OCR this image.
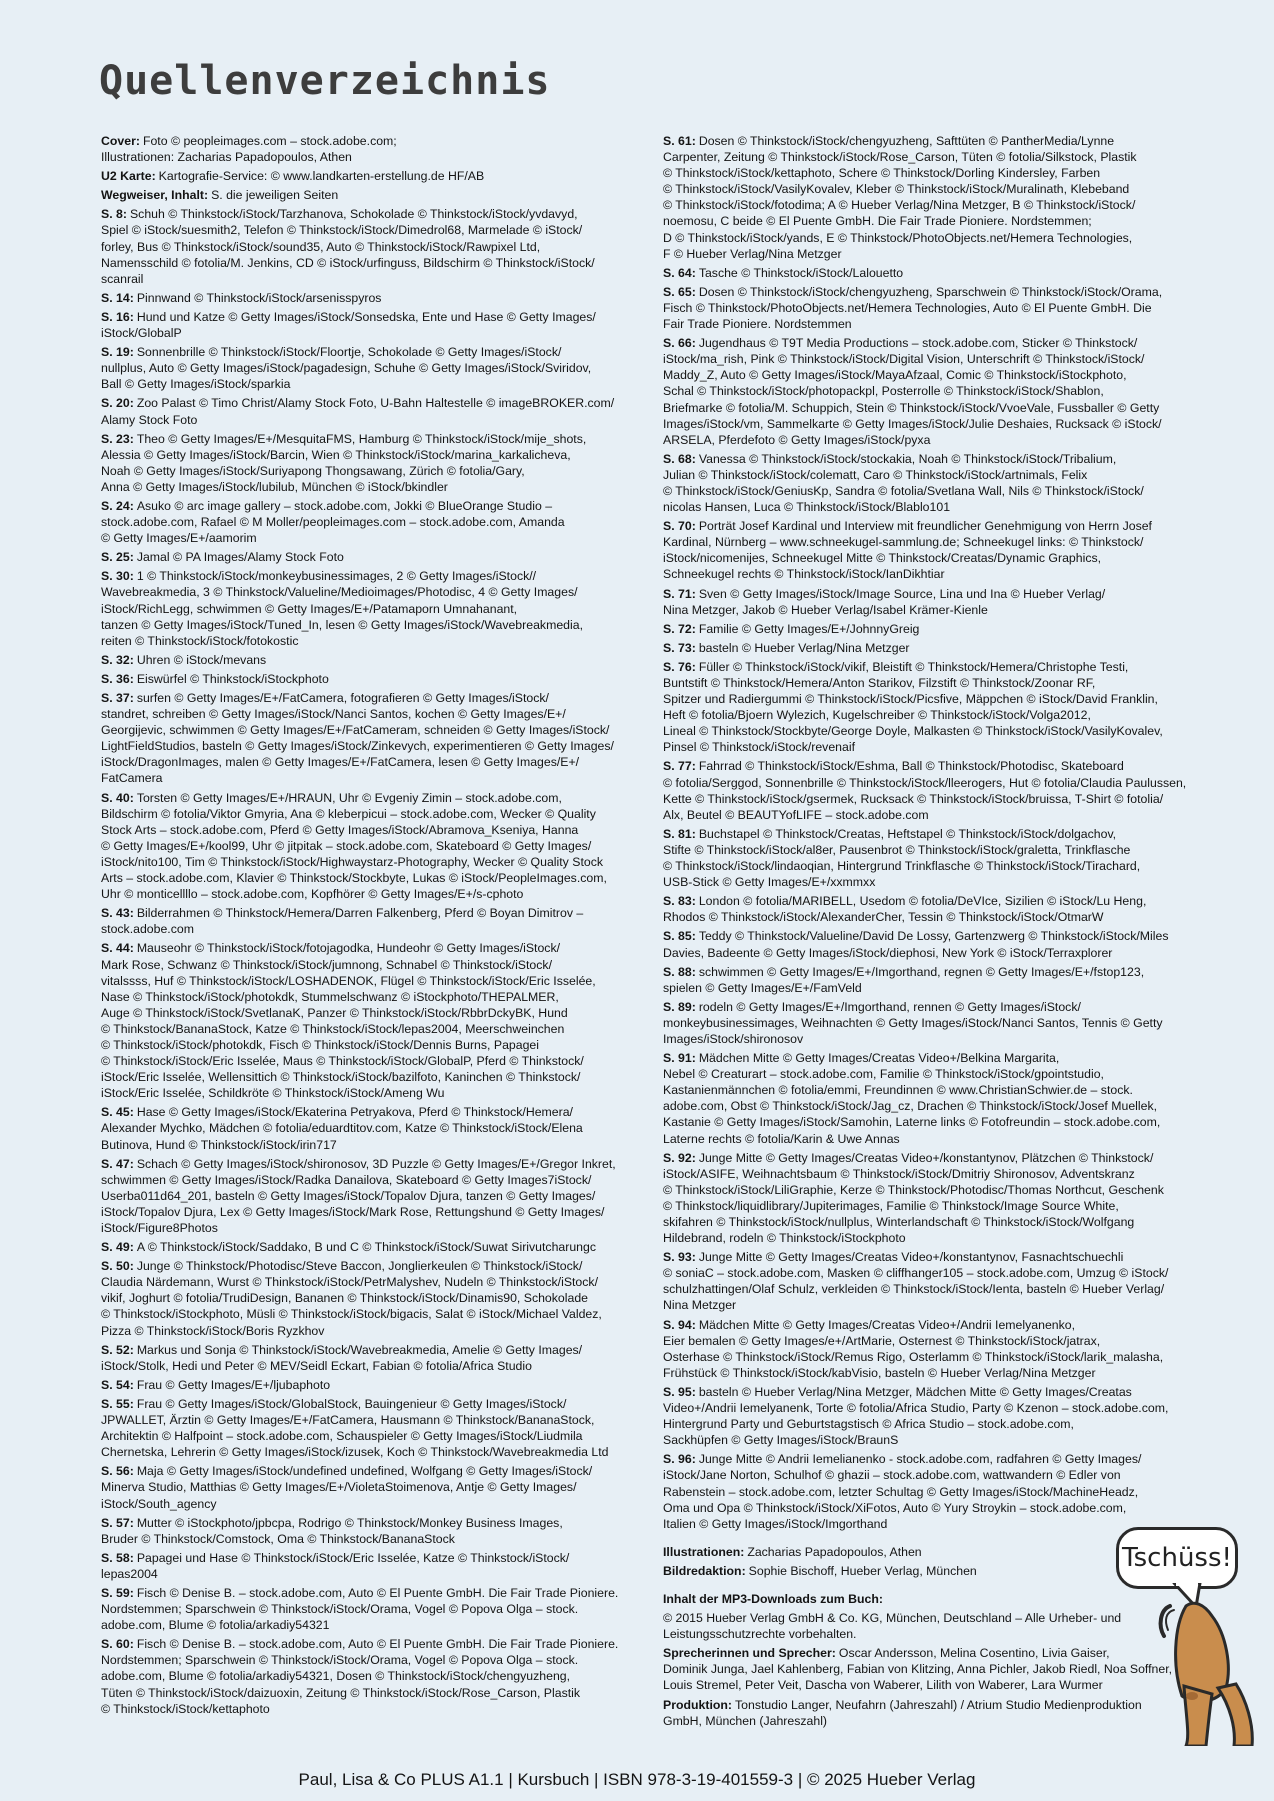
Quellenverzeichnis
Cover: Foto © peopleimages.com – stock.adobe.com;
Illustrationen: Zacharias Papadopoulos, Athen
U2 Karte: Kartografie-Service: © www.landkarten-erstellung.de HF/AB
Wegweiser, Inhalt: S. die jeweiligen Seiten
S. 8: Schuh © Thinkstock/iStock/Tarzhanova, Schokolade © Thinkstock/iStock/yvdavyd,
Spiel © iStock/suesmith2, Telefon © Thinkstock/iStock/Dimedrol68, Marmelade © iStock/
forley, Bus © Thinkstock/iStock/sound35, Auto © Thinkstock/iStock/Rawpixel Ltd,
Namensschild © fotolia/M. Jenkins, CD © iStock/urfinguss, Bildschirm © Thinkstock/iStock/
scanrail
S. 14: Pinnwand © Thinkstock/iStock/arsenisspyros
S. 16: Hund und Katze © Getty Images/iStock/Sonsedska, Ente und Hase © Getty Images/
iStock/GlobalP
S. 19: Sonnenbrille © Thinkstock/iStock/Floortje, Schokolade © Getty Images/iStock/
nullplus, Auto © Getty Images/iStock/pagadesign, Schuhe © Getty Images/iStock/Sviridov,
Ball © Getty Images/iStock/sparkia
S. 20: Zoo Palast © Timo Christ/Alamy Stock Foto, U-Bahn Haltestelle © imageBROKER.com/
Alamy Stock Foto
S. 23: Theo © Getty Images/E+/MesquitaFMS, Hamburg © Thinkstock/iStock/mije_shots,
Alessia © Getty Images/iStock/Barcin, Wien © Thinkstock/iStock/marina_karkalicheva,
Noah © Getty Images/iStock/Suriyapong Thongsawang, Zürich © fotolia/Gary,
Anna © Getty Images/iStock/lubilub, München © iStock/bkindler
S. 24: Asuko © arc image gallery – stock.adobe.com, Jokki © BlueOrange Studio –
stock.adobe.com, Rafael © M Moller/peopleimages.com – stock.adobe.com, Amanda
© Getty Images/E+/aamorim
S. 25: Jamal © PA Images/Alamy Stock Foto
S. 30: 1 © Thinkstock/iStock/monkeybusinessimages, 2 © Getty Images/iStock//
Wavebreakmedia, 3 © Thinkstock/Valueline/Medioimages/Photodisc, 4 © Getty Images/
iStock/RichLegg, schwimmen © Getty Images/E+/Patamaporn Umnahanant,
tanzen © Getty Images/iStock/Tuned_In, lesen © Getty Images/iStock/Wavebreakmedia,
reiten © Thinkstock/iStock/fotokostic
S. 32: Uhren © iStock/mevans
S. 36: Eiswürfel © Thinkstock/iStockphoto
S. 37: surfen © Getty Images/E+/FatCamera, fotografieren © Getty Images/iStock/
standret, schreiben © Getty Images/iStock/Nanci Santos, kochen © Getty Images/E+/
Georgijevic, schwimmen © Getty Images/E+/FatCameram, schneiden © Getty Images/iStock/
LightFieldStudios, basteln © Getty Images/iStock/Zinkevych, experimentieren © Getty Images/
iStock/DragonImages, malen © Getty Images/E+/FatCamera, lesen © Getty Images/E+/
FatCamera
S. 40: Torsten © Getty Images/E+/HRAUN, Uhr © Evgeniy Zimin – stock.adobe.com,
Bildschirm © fotolia/Viktor Gmyria, Ana © kleberpicui – stock.adobe.com, Wecker © Quality
Stock Arts – stock.adobe.com, Pferd © Getty Images/iStock/Abramova_Kseniya, Hanna
© Getty Images/E+/kool99, Uhr © jitpitak – stock.adobe.com, Skateboard © Getty Images/
iStock/nito100, Tim © Thinkstock/iStock/Highwaystarz-Photography, Wecker © Quality Stock
Arts – stock.adobe.com, Klavier © Thinkstock/Stockbyte, Lukas © iStock/PeopleImages.com,
Uhr © monticellllo – stock.adobe.com, Kopfhörer © Getty Images/E+/s-cphoto
S. 43: Bilderrahmen © Thinkstock/Hemera/Darren Falkenberg, Pferd © Boyan Dimitrov –
stock.adobe.com
S. 44: Mauseohr © Thinkstock/iStock/fotojagodka, Hundeohr © Getty Images/iStock/
Mark Rose, Schwanz © Thinkstock/iStock/jumnong, Schnabel © Thinkstock/iStock/
vitalssss, Huf © Thinkstock/iStock/LOSHADENOK, Flügel © Thinkstock/iStock/Eric Isselée,
Nase © Thinkstock/iStock/photokdk, Stummelschwanz © iStockphoto/THEPALMER,
Auge © Thinkstock/iStock/SvetlanaK, Panzer © Thinkstock/iStock/RbbrDckyBK, Hund
© Thinkstock/BananaStock, Katze © Thinkstock/iStock/lepas2004, Meerschweinchen
© Thinkstock/iStock/photokdk, Fisch © Thinkstock/iStock/Dennis Burns, Papagei
© Thinkstock/iStock/Eric Isselée, Maus © Thinkstock/iStock/GlobalP, Pferd © Thinkstock/
iStock/Eric Isselée, Wellensittich © Thinkstock/iStock/bazilfoto, Kaninchen © Thinkstock/
iStock/Eric Isselée, Schildkröte © Thinkstock/iStock/Ameng Wu
S. 45: Hase © Getty Images/iStock/Ekaterina Petryakova, Pferd © Thinkstock/Hemera/
Alexander Mychko, Mädchen © fotolia/eduardtitov.com, Katze © Thinkstock/iStock/Elena
Butinova, Hund © Thinkstock/iStock/irin717
S. 47: Schach © Getty Images/iStock/shironosov, 3D Puzzle © Getty Images/E+/Gregor Inkret,
schwimmen © Getty Images/iStock/Radka Danailova, Skateboard © Getty Images7iStock/
Userba011d64_201, basteln © Getty Images/iStock/Topalov Djura, tanzen © Getty Images/
iStock/Topalov Djura, Lex © Getty Images/iStock/Mark Rose, Rettungshund © Getty Images/
iStock/Figure8Photos
S. 49: A © Thinkstock/iStock/Saddako, B und C © Thinkstock/iStock/Suwat Sirivutcharungc
S. 50: Junge © Thinkstock/Photodisc/Steve Baccon, Jonglierkeulen © Thinkstock/iStock/
Claudia Närdemann, Wurst © Thinkstock/iStock/PetrMalyshev, Nudeln © Thinkstock/iStock/
vikif, Joghurt © fotolia/TrudiDesign, Bananen © Thinkstock/iStock/Dinamis90, Schokolade
© Thinkstock/iStockphoto, Müsli © Thinkstock/iStock/bigacis, Salat © iStock/Michael Valdez,
Pizza © Thinkstock/iStock/Boris Ryzkhov
S. 52: Markus und Sonja © Thinkstock/iStock/Wavebreakmedia, Amelie © Getty Images/
iStock/Stolk, Hedi und Peter © MEV/Seidl Eckart, Fabian © fotolia/Africa Studio
S. 54: Frau © Getty Images/E+/ljubaphoto
S. 55: Frau © Getty Images/iStock/GlobalStock, Bauingenieur © Getty Images/iStock/
JPWALLET, Ärztin © Getty Images/E+/FatCamera, Hausmann © Thinkstock/BananaStock,
Architektin © Halfpoint – stock.adobe.com, Schauspieler © Getty Images/iStock/Liudmila
Chernetska, Lehrerin © Getty Images/iStock/izusek, Koch © Thinkstock/Wavebreakmedia Ltd
S. 56: Maja © Getty Images/iStock/undefined undefined, Wolfgang © Getty Images/iStock/
Minerva Studio, Matthias © Getty Images/E+/VioletaStoimenova, Antje © Getty Images/
iStock/South_agency
S. 57: Mutter © iStockphoto/jpbcpa, Rodrigo © Thinkstock/Monkey Business Images,
Bruder © Thinkstock/Comstock, Oma © Thinkstock/BananaStock
S. 58: Papagei und Hase © Thinkstock/iStock/Eric Isselée, Katze © Thinkstock/iStock/
lepas2004
S. 59: Fisch © Denise B. – stock.adobe.com, Auto © El Puente GmbH. Die Fair Trade Pioniere.
Nordstemmen; Sparschwein © Thinkstock/iStock/Orama, Vogel © Popova Olga – stock.
adobe.com, Blume © fotolia/arkadiy54321
S. 60: Fisch © Denise B. – stock.adobe.com, Auto © El Puente GmbH. Die Fair Trade Pioniere.
Nordstemmen; Sparschwein © Thinkstock/iStock/Orama, Vogel © Popova Olga – stock.
adobe.com, Blume © fotolia/arkadiy54321, Dosen © Thinkstock/iStock/chengyuzheng,
Tüten © Thinkstock/iStock/daizuoxin, Zeitung © Thinkstock/iStock/Rose_Carson, Plastik
© Thinkstock/iStock/kettaphoto
S. 61: Dosen © Thinkstock/iStock/chengyuzheng, Safttüten © PantherMedia/Lynne
Carpenter, Zeitung © Thinkstock/iStock/Rose_Carson, Tüten © fotolia/Silkstock, Plastik
© Thinkstock/iStock/kettaphoto, Schere © Thinkstock/Dorling Kindersley, Farben
© Thinkstock/iStock/VasilyKovalev, Kleber © Thinkstock/iStock/Muralinath, Klebeband
© Thinkstock/iStock/fotodima; A © Hueber Verlag/Nina Metzger, B © Thinkstock/iStock/
noemosu, C beide © El Puente GmbH. Die Fair Trade Pioniere. Nordstemmen;
D © Thinkstock/iStock/yands, E © Thinkstock/PhotoObjects.net/Hemera Technologies,
F © Hueber Verlag/Nina Metzger
S. 64: Tasche © Thinkstock/iStock/Lalouetto
S. 65: Dosen © Thinkstock/iStock/chengyuzheng, Sparschwein © Thinkstock/iStock/Orama,
Fisch © Thinkstock/PhotoObjects.net/Hemera Technologies, Auto © El Puente GmbH. Die
Fair Trade Pioniere. Nordstemmen
S. 66: Jugendhaus © T9T Media Productions – stock.adobe.com, Sticker © Thinkstock/
iStock/ma_rish, Pink © Thinkstock/iStock/Digital Vision, Unterschrift © Thinkstock/iStock/
Maddy_Z, Auto © Getty Images/iStock/MayaAfzaal, Comic © Thinkstock/iStockphoto,
Schal © Thinkstock/iStock/photopackpl, Posterrolle © Thinkstock/iStock/Shablon,
Briefmarke © fotolia/M. Schuppich, Stein © Thinkstock/iStock/VvoeVale, Fussballer © Getty
Images/iStock/vm, Sammelkarte © Getty Images/iStock/Julie Deshaies, Rucksack © iStock/
ARSELA, Pferdefoto © Getty Images/iStock/pyxa
S. 68: Vanessa © Thinkstock/iStock/stockakia, Noah © Thinkstock/iStock/Tribalium,
Julian © Thinkstock/iStock/colematt, Caro © Thinkstock/iStock/artnimals, Felix
© Thinkstock/iStock/GeniusKp, Sandra © fotolia/Svetlana Wall, Nils © Thinkstock/iStock/
nicolas Hansen, Luca © Thinkstock/iStock/Blablo101
S. 70: Porträt Josef Kardinal und Interview mit freundlicher Genehmigung von Herrn Josef
Kardinal, Nürnberg – www.schneekugel-sammlung.de; Schneekugel links: © Thinkstock/
iStock/nicomenijes, Schneekugel Mitte © Thinkstock/Creatas/Dynamic Graphics,
Schneekugel rechts © Thinkstock/iStock/IanDikhtiar
S. 71: Sven © Getty Images/iStock/Image Source, Lina und Ina © Hueber Verlag/
Nina Metzger, Jakob © Hueber Verlag/Isabel Krämer-Kienle
S. 72: Familie © Getty Images/E+/JohnnyGreig
S. 73: basteln © Hueber Verlag/Nina Metzger
S. 76: Füller © Thinkstock/iStock/vikif, Bleistift © Thinkstock/Hemera/Christophe Testi,
Buntstift © Thinkstock/Hemera/Anton Starikov, Filzstift © Thinkstock/Zoonar RF,
Spitzer und Radiergummi © Thinkstock/iStock/Picsfive, Mäppchen © iStock/David Franklin,
Heft © fotolia/Bjoern Wylezich, Kugelschreiber © Thinkstock/iStock/Volga2012,
Lineal © Thinkstock/Stockbyte/George Doyle, Malkasten © Thinkstock/iStock/VasilyKovalev,
Pinsel © Thinkstock/iStock/revenaif
S. 77: Fahrrad © Thinkstock/iStock/Eshma, Ball © Thinkstock/Photodisc, Skateboard
© fotolia/Serggod, Sonnenbrille © Thinkstock/iStock/lleerogers, Hut © fotolia/Claudia Paulussen,
Kette © Thinkstock/iStock/gsermek, Rucksack © Thinkstock/iStock/bruissa, T-Shirt © fotolia/
Alx, Beutel © BEAUTYofLIFE – stock.adobe.com
S. 81: Buchstapel © Thinkstock/Creatas, Heftstapel © Thinkstock/iStock/dolgachov,
Stifte © Thinkstock/iStock/al8er, Pausenbrot © Thinkstock/iStock/graletta, Trinkflasche
© Thinkstock/iStock/lindaoqian, Hintergrund Trinkflasche © Thinkstock/iStock/Tirachard,
USB-Stick © Getty Images/E+/xxmmxx
S. 83: London © fotolia/MARIBELL, Usedom © fotolia/DeVIce, Sizilien © iStock/Lu Heng,
Rhodos © Thinkstock/iStock/AlexanderCher, Tessin © Thinkstock/iStock/OtmarW
S. 85: Teddy © Thinkstock/Valueline/David De Lossy, Gartenzwerg © Thinkstock/iStock/Miles
Davies, Badeente © Getty Images/iStock/diephosi, New York © iStock/Terraxplorer
S. 88: schwimmen © Getty Images/E+/Imgorthand, regnen © Getty Images/E+/fstop123,
spielen © Getty Images/E+/FamVeld
S. 89: rodeln © Getty Images/E+/Imgorthand, rennen © Getty Images/iStock/
monkeybusinessimages, Weihnachten © Getty Images/iStock/Nanci Santos, Tennis © Getty
Images/iStock/shironosov
S. 91: Mädchen Mitte © Getty Images/Creatas Video+/Belkina Margarita,
Nebel © Creaturart – stock.adobe.com, Familie © Thinkstock/iStock/gpointstudio,
Kastanienmännchen © fotolia/emmi, Freundinnen © www.ChristianSchwier.de – stock.
adobe.com, Obst © Thinkstock/iStock/Jag_cz, Drachen © Thinkstock/iStock/Josef Muellek,
Kastanie © Getty Images/iStock/Samohin, Laterne links © Fotofreundin – stock.adobe.com,
Laterne rechts © fotolia/Karin & Uwe Annas
S. 92: Junge Mitte © Getty Images/Creatas Video+/konstantynov, Plätzchen © Thinkstock/
iStock/ASIFE, Weihnachtsbaum © Thinkstock/iStock/Dmitriy Shironosov, Adventskranz
© Thinkstock/iStock/LiliGraphie, Kerze © Thinkstock/Photodisc/Thomas Northcut, Geschenk
© Thinkstock/liquidlibrary/Jupiterimages, Familie © Thinkstock/Image Source White,
skifahren © Thinkstock/iStock/nullplus, Winterlandschaft © Thinkstock/iStock/Wolfgang
Hildebrand, rodeln © Thinkstock/iStockphoto
S. 93: Junge Mitte © Getty Images/Creatas Video+/konstantynov, Fasnachtschuechli
© soniaC – stock.adobe.com, Masken © cliffhanger105 – stock.adobe.com, Umzug © iStock/
schulzhattingen/Olaf Schulz, verkleiden © Thinkstock/iStock/Ienta, basteln © Hueber Verlag/
Nina Metzger
S. 94: Mädchen Mitte © Getty Images/Creatas Video+/Andrii Iemelyanenko,
Eier bemalen © Getty Images/e+/ArtMarie, Osternest © Thinkstock/iStock/jatrax,
Osterhase © Thinkstock/iStock/Remus Rigo, Osterlamm © Thinkstock/iStock/larik_malasha,
Frühstück © Thinkstock/iStock/kabVisio, basteln © Hueber Verlag/Nina Metzger
S. 95: basteln © Hueber Verlag/Nina Metzger, Mädchen Mitte © Getty Images/Creatas
Video+/Andrii Iemelyanenk, Torte © fotolia/Africa Studio, Party © Kzenon – stock.adobe.com,
Hintergrund Party und Geburtstagstisch © Africa Studio – stock.adobe.com,
Sackhüpfen © Getty Images/iStock/BraunS
S. 96: Junge Mitte © Andrii Iemelianenko - stock.adobe.com, radfahren © Getty Images/
iStock/Jane Norton, Schulhof © ghazii – stock.adobe.com, wattwandern © Edler von
Rabenstein – stock.adobe.com, letzter Schultag © Getty Images/iStock/MachineHeadz,
Oma und Opa © Thinkstock/iStock/XiFotos, Auto © Yury Stroykin – stock.adobe.com,
Italien © Getty Images/iStock/Imgorthand

Illustrationen: Zacharias Papadopoulos, Athen

Bildredaktion: Sophie Bischoff, Hueber Verlag, München

Inhalt der MP3-Downloads zum Buch:

© 2015 Hueber Verlag GmbH & Co. KG, München, Deutschland – Alle Urheber- und
Leistungsschutzrechte vorbehalten.
Sprecherinnen und Sprecher: Oscar Andersson, Melina Cosentino, Livia Gaiser,
Dominik Junga, Jael Kahlenberg, Fabian von Klitzing, Anna Pichler, Jakob Riedl, Noa Soffner,
Louis Stremel, Peter Veit, Dascha von Waberer, Lilith von Waberer, Lara Wurmer
Produktion: Tonstudio Langer, Neufahrn (Jahreszahl) / Atrium Studio Medienproduktion
GmbH, München (Jahreszahl)
Tschüss!
Paul, Lisa & Co PLUS A1.1 | Kursbuch | ISBN 978-3-19-401559-3 | © 2025 Hueber Verlag
